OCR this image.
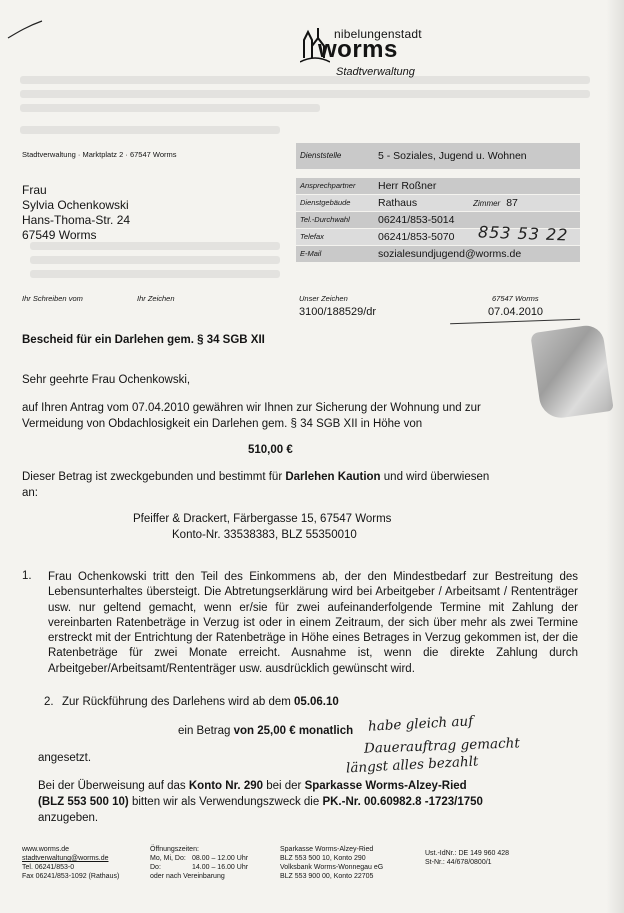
nibelungenstadt
worms
Stadtverwaltung
Stadtverwaltung · Marktplatz 2 · 67547 Worms
Frau
Sylvia Ochenkowski
Hans-Thoma-Str. 24
67549 Worms
Dienststelle	5 - Soziales, Jugend u. Wohnen

Ansprechpartner	Herr Roßner
Dienstgebäude	Rathaus Zimmer 87
Tel.-Durchwahl	06241/853-5014
Telefax	06241/853-5070
E-Mail	sozialesundjugend@worms.de
853 53 22
Ihr Schreiben vom	Ihr Zeichen	Unser Zeichen
3100/188529/dr
67547 Worms
07.04.2010
Bescheid für ein Darlehen gem. § 34 SGB XII
Sehr geehrte Frau Ochenkowski,
auf Ihren Antrag vom 07.04.2010 gewähren wir Ihnen zur Sicherung der Wohnung und zur
Vermeidung von Obdachlosigkeit ein Darlehen gem. § 34 SGB XII in Höhe von
510,00 €
Dieser Betrag ist zweckgebunden und bestimmt für Darlehen Kaution und wird überwiesen
an:
Pfeiffer & Drackert, Färbergasse 15, 67547 Worms
Konto-Nr. 33538383, BLZ 55350010
1. Frau Ochenkowski tritt den Teil des Einkommens ab, der den Mindestbedarf zur Bestreitung des Lebensunterhaltes übersteigt. Die Abtretungserklärung wird bei Arbeitgeber / Arbeitsamt / Rententräger usw. nur geltend gemacht, wenn er/sie für zwei aufeinanderfolgende Termine mit Zahlung der vereinbarten Ratenbeträge in Verzug ist oder in einem Zeitraum, der sich über mehr als zwei Termine erstreckt mit der Entrichtung der Ratenbeträge in Höhe eines Betrages in Verzug gekommen ist, der die Ratenbeträge für zwei Monate erreicht. Ausnahme ist, wenn die direkte Zahlung durch Arbeitgeber/Arbeitsamt/Rententräger usw. ausdrücklich gewünscht wird.
2. Zur Rückführung des Darlehens wird ab dem 05.06.10
ein Betrag von 25,00 € monatlich habe gleich auf
Dauerauftrag gemacht
längst alles bezahlt
angesetzt.
Bei der Überweisung auf das Konto Nr. 290 bei der Sparkasse Worms-Alzey-Ried
(BLZ 553 500 10) bitten wir als Verwendungszweck die PK.-Nr. 00.60982.8 -1723/1750
anzugeben.
www.worms.de
stadtverwaltung@worms.de
Tel. 06241/853-0
Fax 06241/853-1092 (Rathaus)
Öffnungszeiten:
Mo, Mi, Do: 08.00 – 12.00 Uhr
Do:	14.00 – 16.00 Uhr
oder nach Vereinbarung
Sparkasse Worms-Alzey-Ried
BLZ 553 500 10, Konto 290
Volksbank Worms-Wonnegau eG
BLZ 553 900 00, Konto 22705
Ust.-IdNr.: DE 149 960 428
St-Nr.: 44/678/0800/1
